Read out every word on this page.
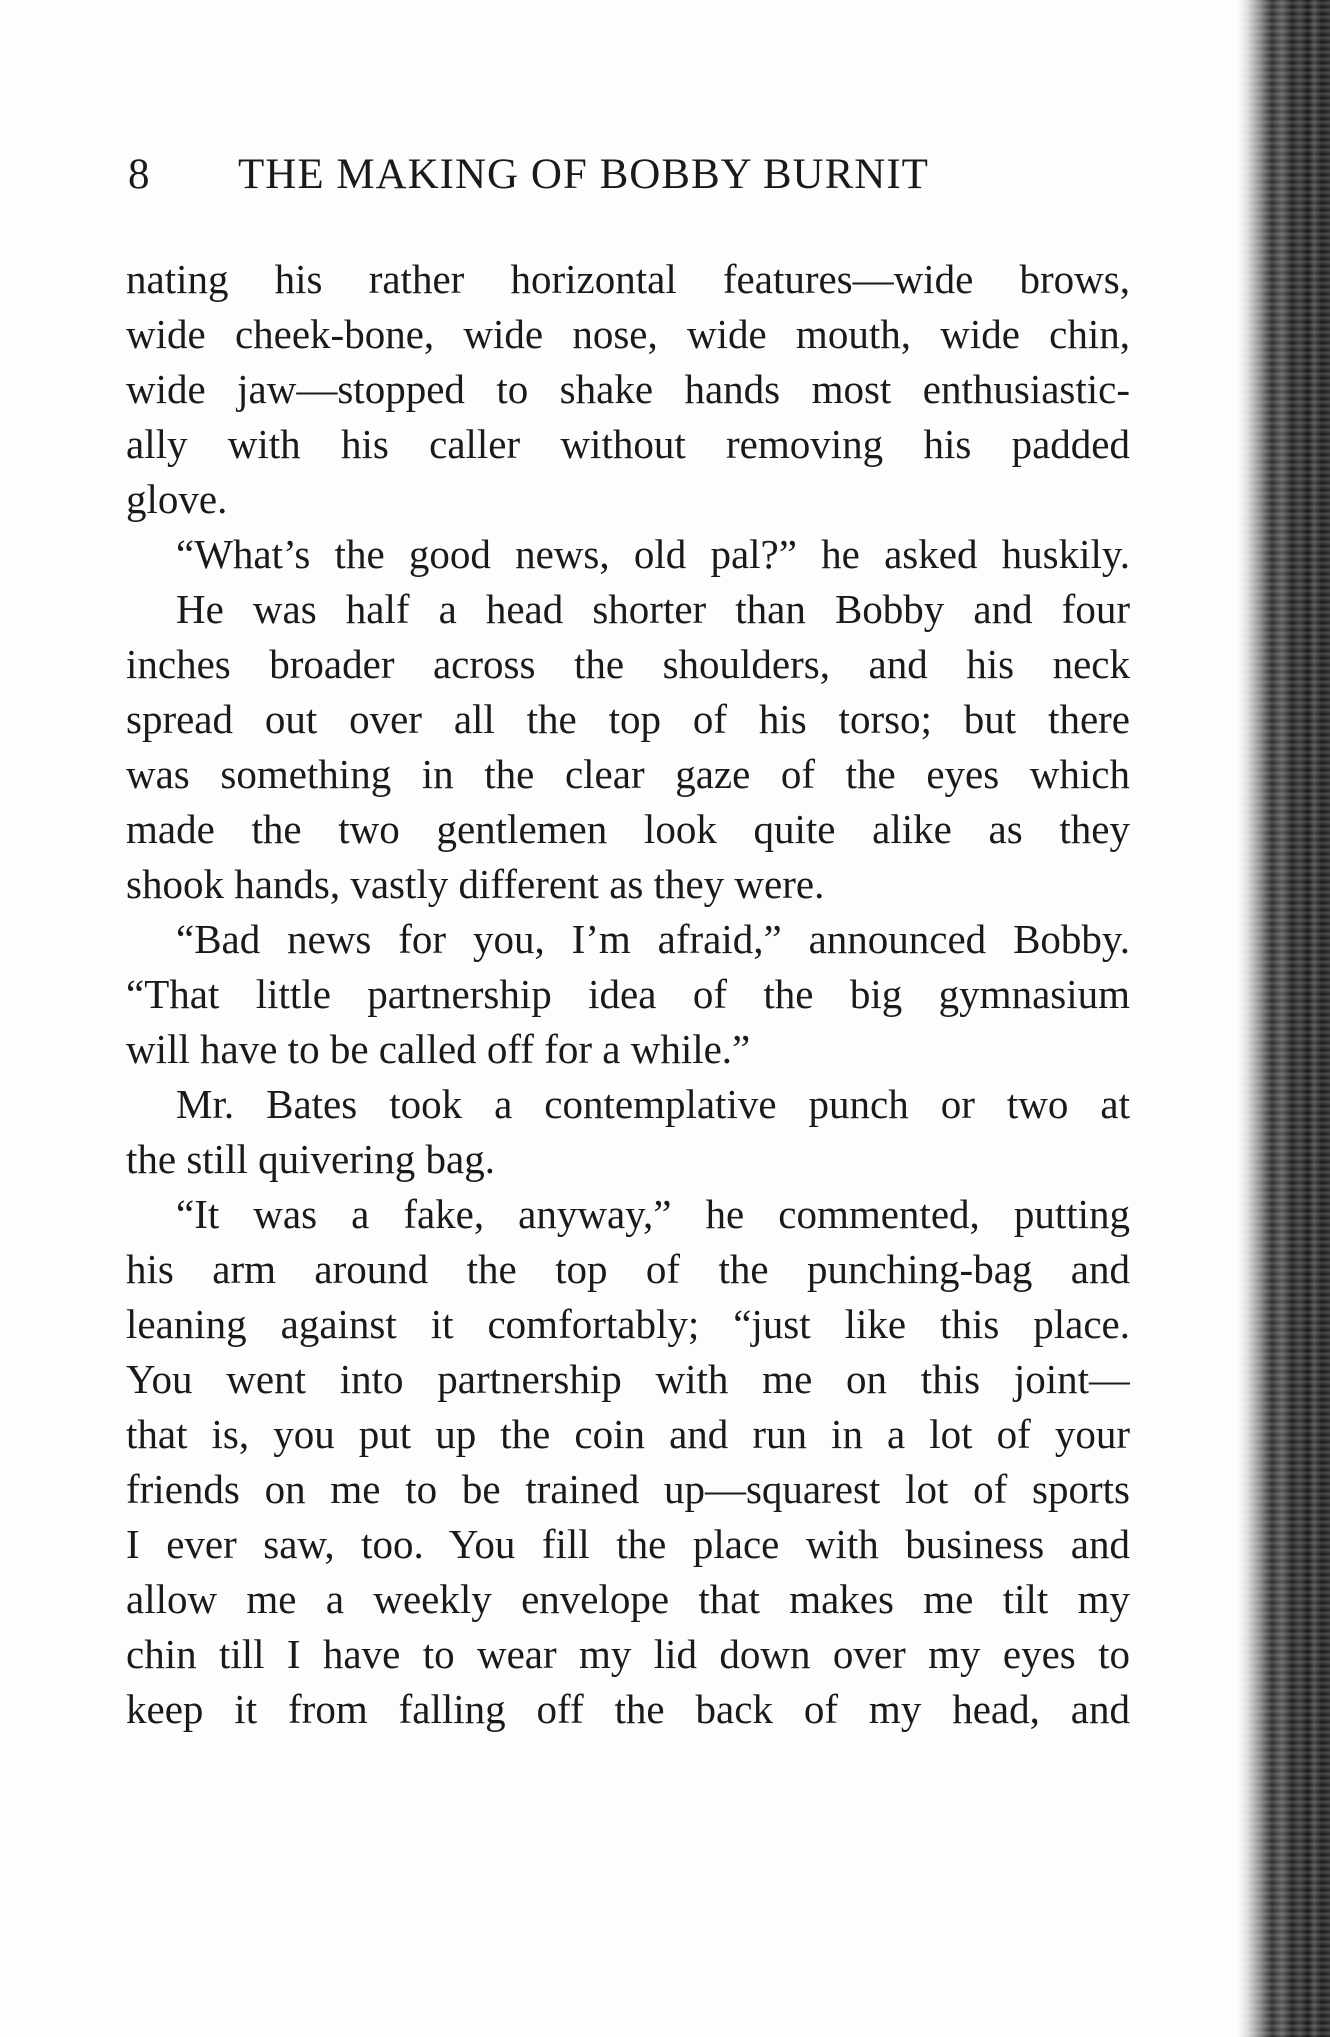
8 THE MAKING OF BOBBY BURNIT
nating his rather horizontal features—wide brows,
wide cheek-bone, wide nose, wide mouth, wide chin,
wide jaw—stopped to shake hands most enthusiastic-
ally with his caller without removing his padded
glove.
“What’s the good news, old pal?” he asked huskily.
He was half a head shorter than Bobby and four
inches broader across the shoulders, and his neck
spread out over all the top of his torso; but there
was something in the clear gaze of the eyes which
made the two gentlemen look quite alike as they
shook hands, vastly different as they were.
“Bad news for you, I’m afraid,” announced Bobby.
“That little partnership idea of the big gymnasium
will have to be called off for a while.”
Mr. Bates took a contemplative punch or two at
the still quivering bag.
“It was a fake, anyway,” he commented, putting
his arm around the top of the punching-bag and
leaning against it comfortably; “just like this place.
You went into partnership with me on this joint—
that is, you put up the coin and run in a lot of your
friends on me to be trained up—squarest lot of sports
I ever saw, too. You fill the place with business and
allow me a weekly envelope that makes me tilt my
chin till I have to wear my lid down over my eyes to
keep it from falling off the back of my head, and
